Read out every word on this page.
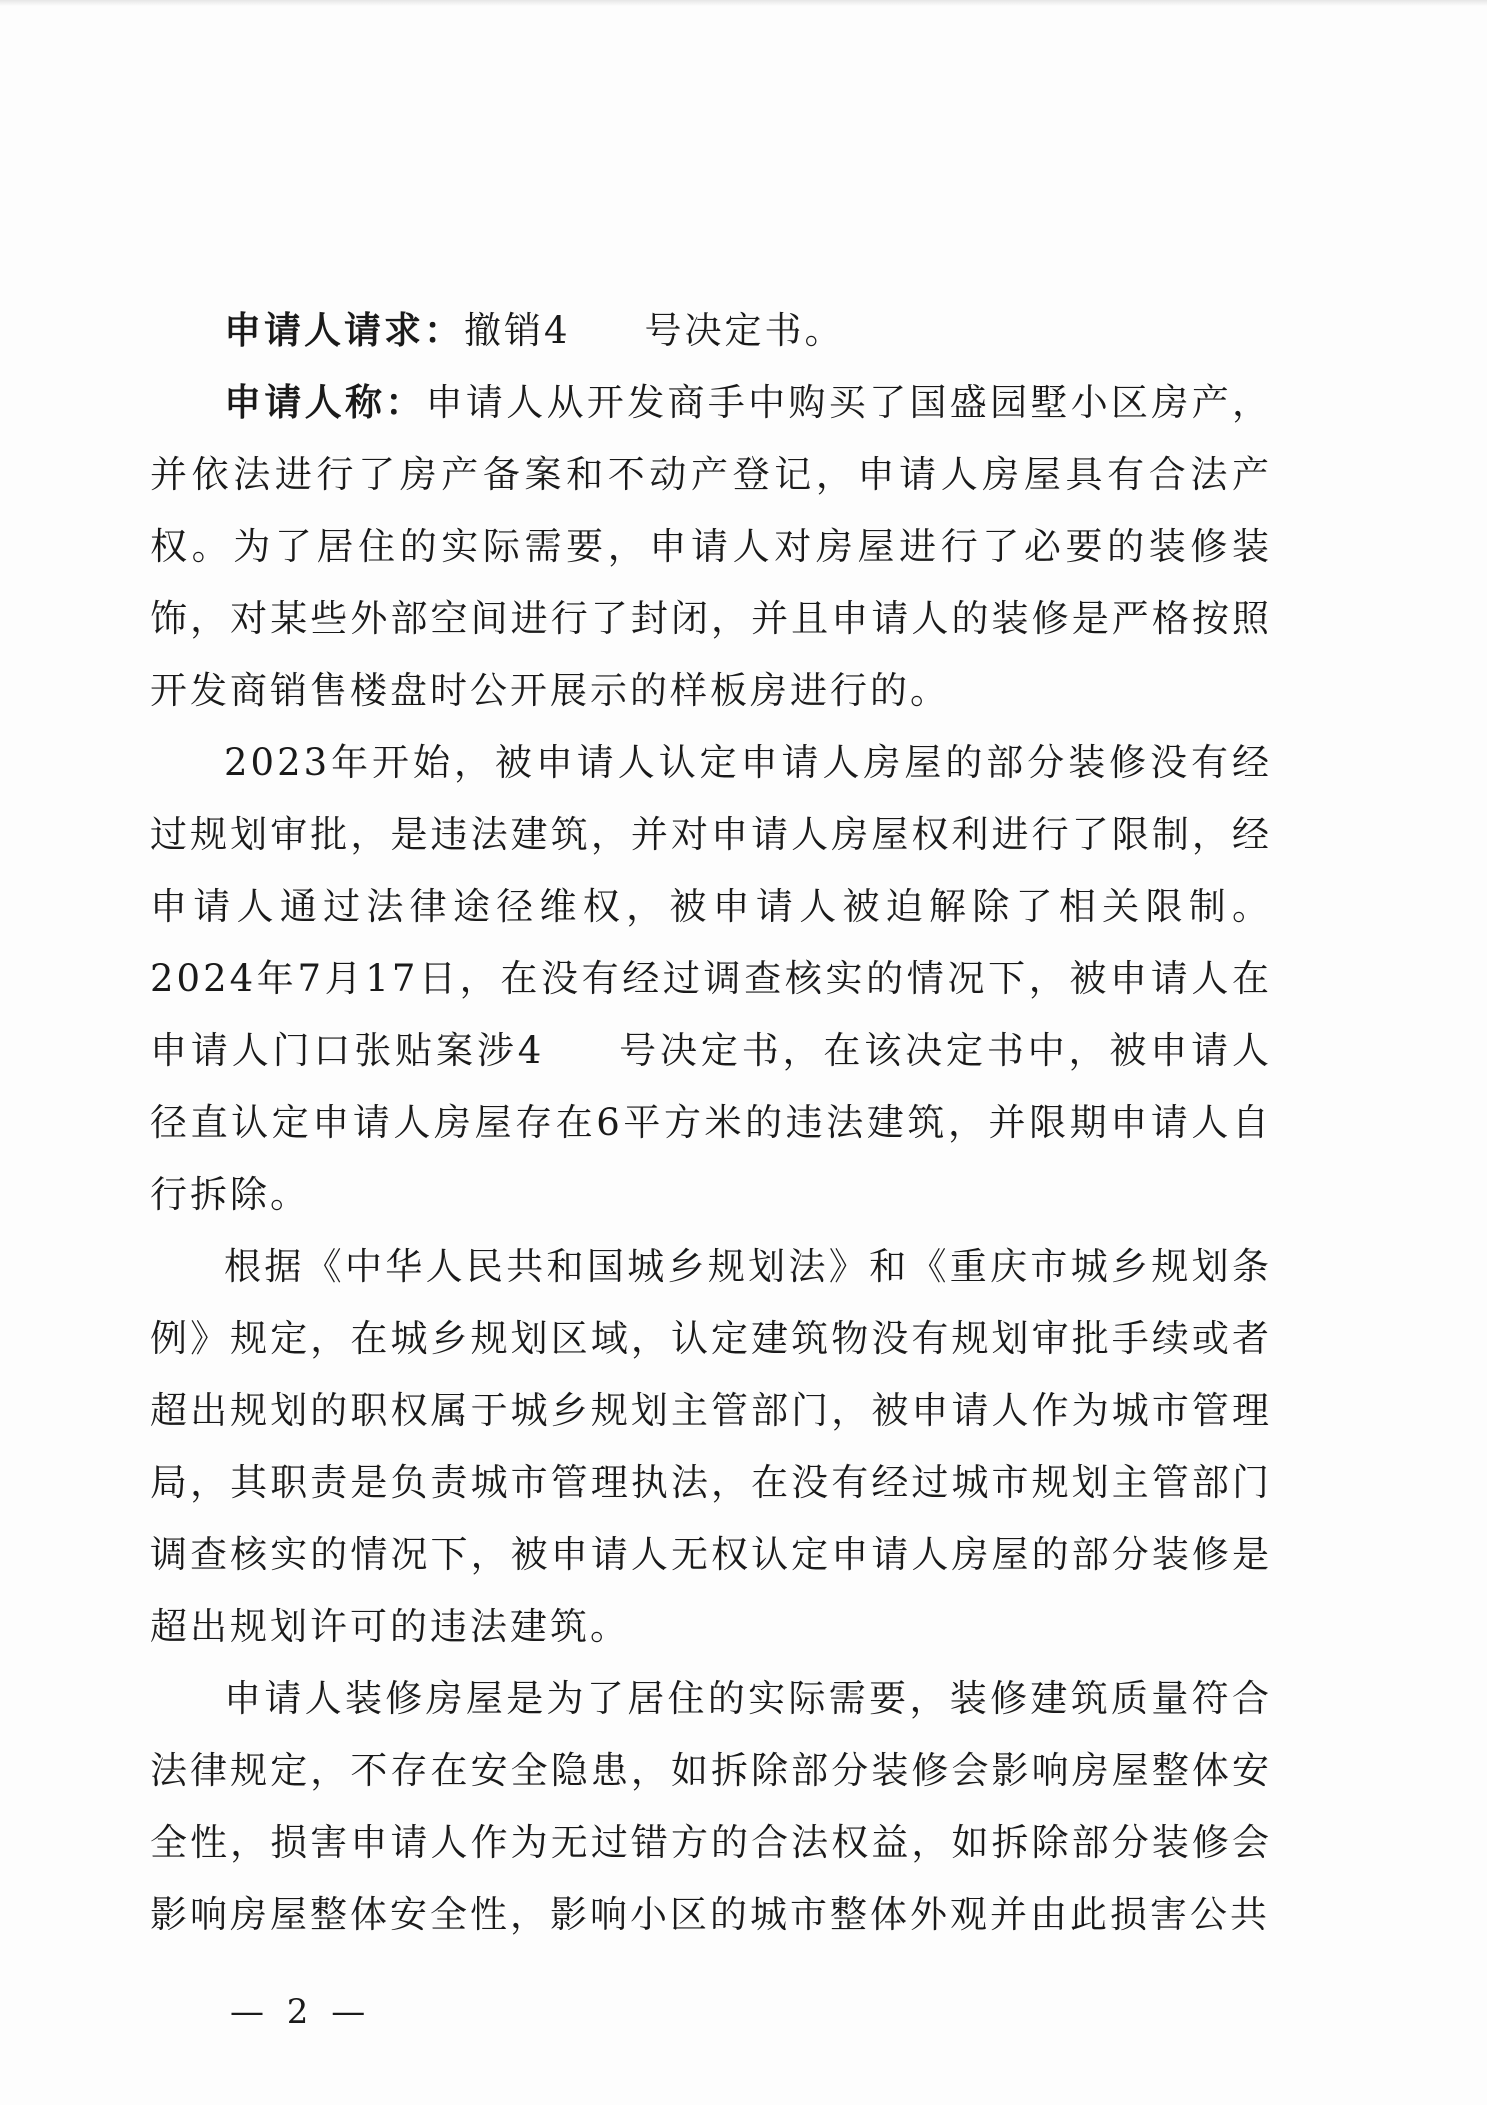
申请人请求：撤销4 号决定书。

申请人称：申请人从开发商手中购买了国盛园墅小区房产，并依法进行了房产备案和不动产登记，申请人房屋具有合法产权。为了居住的实际需要，申请人对房屋进行了必要的装修装饰，对某些外部空间进行了封闭，并且申请人的装修是严格按照开发商销售楼盘时公开展示的样板房进行的。

2023年开始，被申请人认定申请人房屋的部分装修没有经过规划审批，是违法建筑，并对申请人房屋权利进行了限制，经申请人通过法律途径维权，被申请人被迫解除了相关限制。2024年7月17日，在没有经过调查核实的情况下，被申请人在申请人门口张贴案涉4 号决定书，在该决定书中，被申请人径直认定申请人房屋存在6平方米的违法建筑，并限期申请人自行拆除。

根据《中华人民共和国城乡规划法》和《重庆市城乡规划条例》规定，在城乡规划区域，认定建筑物没有规划审批手续或者超出规划的职权属于城乡规划主管部门，被申请人作为城市管理局，其职责是负责城市管理执法，在没有经过城市规划主管部门调查核实的情况下，被申请人无权认定申请人房屋的部分装修是超出规划许可的违法建筑。

申请人装修房屋是为了居住的实际需要，装修建筑质量符合法律规定，不存在安全隐患，如拆除部分装修会影响房屋整体安全性，损害申请人作为无过错方的合法权益，如拆除部分装修会影响房屋整体安全性，影响小区的城市整体外观并由此损害公共

— 2 —
